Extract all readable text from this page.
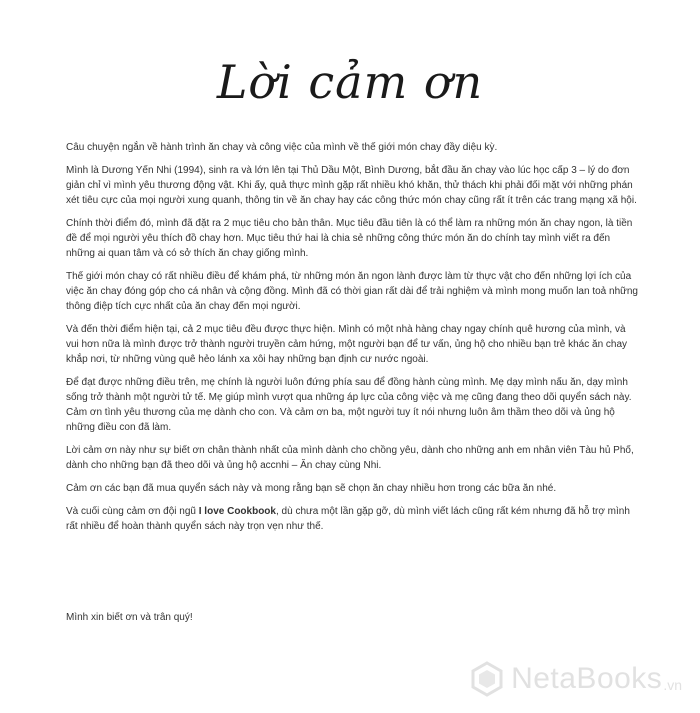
Lời cảm ơn

Câu chuyện ngắn về hành trình ăn chay và công việc của mình về thế giới món chay đầy diệu kỳ.

Mình là Dương Yến Nhi (1994), sinh ra và lớn lên tại Thủ Dầu Một, Bình Dương, bắt đầu ăn chay vào lúc học cấp 3 – lý do đơn giản chỉ vì mình yêu thương động vật. Khi ấy, quả thực mình gặp rất nhiều khó khăn, thử thách khi phải đối mặt với những phán xét tiêu cực của mọi người xung quanh, thông tin về ăn chay hay các công thức món chay cũng rất ít trên các trang mạng xã hội.

Chính thời điểm đó, mình đã đặt ra 2 mục tiêu cho bản thân. Mục tiêu đầu tiên là có thể làm ra những món ăn chay ngon, là tiền đề để mọi người yêu thích đồ chay hơn. Mục tiêu thứ hai là chia sẻ những công thức món ăn do chính tay mình viết ra đến những ai quan tâm và có sở thích ăn chay giống mình.

Thế giới món chay có rất nhiều điều để khám phá, từ những món ăn ngon lành được làm từ thực vật cho đến những lợi ích của việc ăn chay đóng góp cho cá nhân và cộng đồng. Mình đã có thời gian rất dài để trải nghiệm và mình mong muốn lan toả những thông điệp tích cực nhất của ăn chay đến mọi người.

Và đến thời điểm hiện tại, cả 2 mục tiêu đều được thực hiện. Mình có một nhà hàng chay ngay chính quê hương của mình, và vui hơn nữa là mình được trở thành người truyền cảm hứng, một người bạn để tư vấn, ủng hộ cho nhiều bạn trẻ khác ăn chay khắp nơi, từ những vùng quê hẻo lánh xa xôi hay những bạn định cư nước ngoài.

Để đạt được những điều trên, mẹ chính là người luôn đứng phía sau để đồng hành cùng mình. Mẹ dạy mình nấu ăn, dạy mình sống trở thành một người tử tế. Mẹ giúp mình vượt qua những áp lực của công việc và mẹ cũng đang theo dõi quyển sách này. Cảm ơn tình yêu thương của mẹ dành cho con. Và cảm ơn ba, một người tuy ít nói nhưng luôn âm thầm theo dõi và ủng hộ những điều con đã làm.

Lời cảm ơn này như sự biết ơn chân thành nhất của mình dành cho chồng yêu, dành cho những anh em nhân viên Tàu hủ Phố, dành cho những bạn đã theo dõi và ủng hộ accnhi – Ăn chay cùng Nhi.

Cảm ơn các bạn đã mua quyển sách này và mong rằng bạn sẽ chọn ăn chay nhiều hơn trong các bữa ăn nhé.

Và cuối cùng cảm ơn đội ngũ I love Cookbook, dù chưa một lần gặp gỡ, dù mình viết lách cũng rất kém nhưng đã hỗ trợ mình rất nhiều để hoàn thành quyển sách này trọn vẹn như thế.

Mình xin biết ơn và trân quý!

NetaBooks .vn
